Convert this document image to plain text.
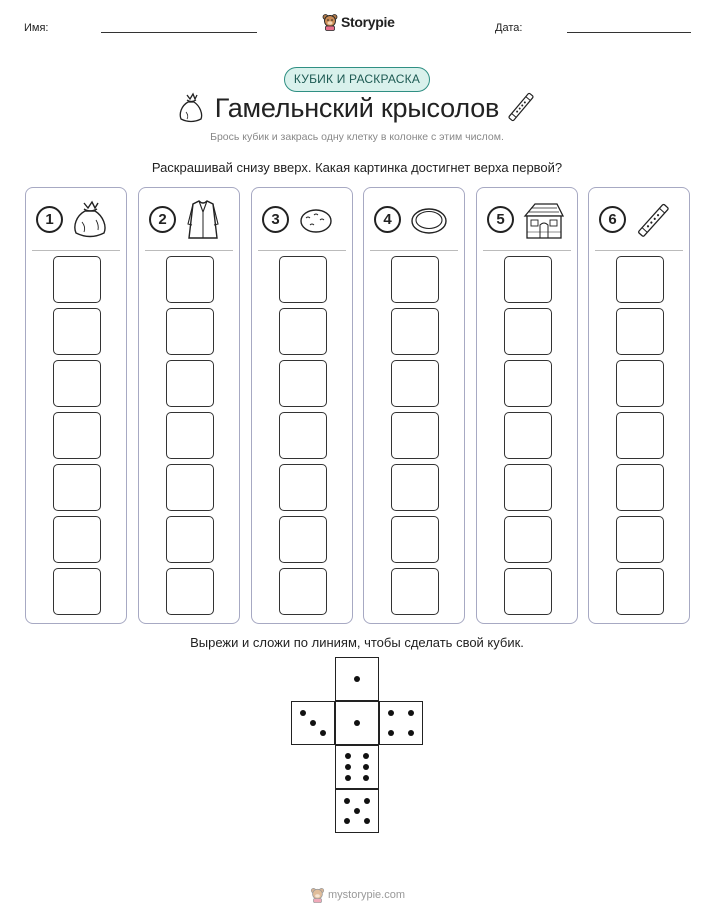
Имя:	Storypie	Дата:
КУБИК И РАСКРАСКА
Гамельнский крысолов
Брось кубик и закрась одну клетку в колонке с этим числом.
Раскрашивай снизу вверх. Какая картинка достигнет верха первой?
1	2	3	4	5	6
Вырежи и сложи по линиям, чтобы сделать свой кубик.
mystorypie.com
